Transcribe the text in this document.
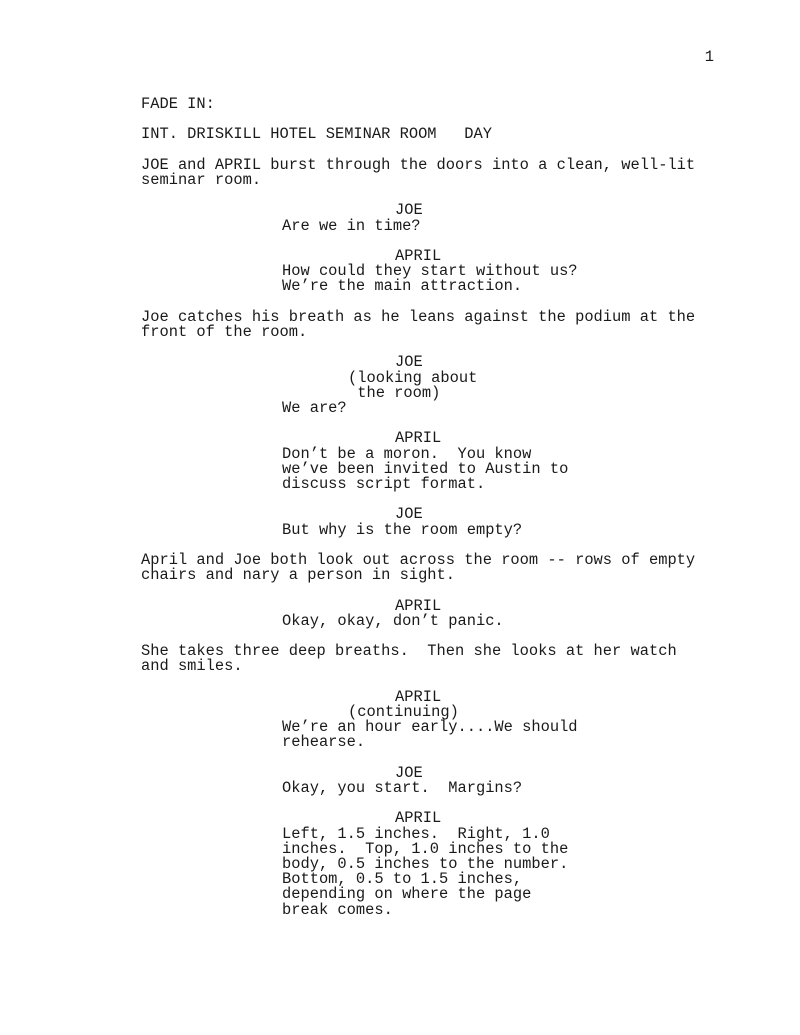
1
FADE IN:
INT. DRISKILL HOTEL SEMINAR ROOM   DAY
JOE and APRIL burst through the doors into a clean, well-lit
seminar room.
JOE
Are we in time?
APRIL
How could they start without us?
We’re the main attraction.
Joe catches his breath as he leans against the podium at the
front of the room.
JOE
(looking about
the room)
We are?
APRIL
Don’t be a moron.  You know
we’ve been invited to Austin to
discuss script format.
JOE
But why is the room empty?
April and Joe both look out across the room -- rows of empty
chairs and nary a person in sight.
APRIL
Okay, okay, don’t panic.
She takes three deep breaths.  Then she looks at her watch
and smiles.
APRIL
(continuing)
We’re an hour early....We should
rehearse.
JOE
Okay, you start.  Margins?
APRIL
Left, 1.5 inches.  Right, 1.0
inches.  Top, 1.0 inches to the
body, 0.5 inches to the number.
Bottom, 0.5 to 1.5 inches,
depending on where the page
break comes.
